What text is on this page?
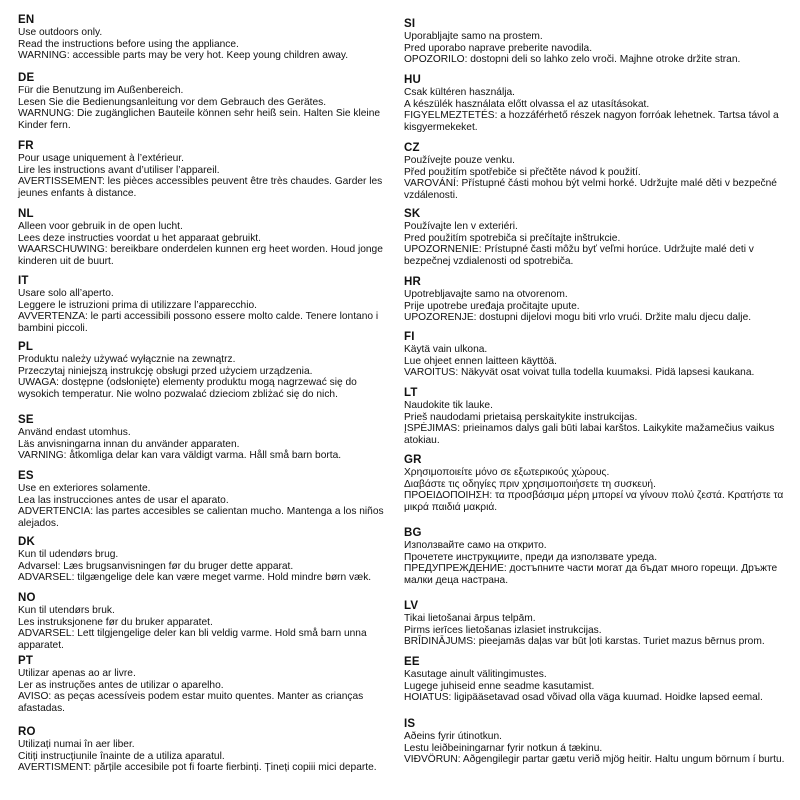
EN
Use outdoors only.
Read the instructions before using the appliance.
WARNING: accessible parts may be very hot. Keep young children away.
DE
Für die Benutzung im Außenbereich.
Lesen Sie die Bedienungsanleitung vor dem Gebrauch des Gerätes.
WARNUNG: Die zugänglichen Bauteile können sehr heiß sein. Halten Sie kleine Kinder fern.
FR
Pour usage uniquement à l’extérieur.
Lire les instructions avant d’utiliser l’appareil.
AVERTISSEMENT: les pièces accessibles peuvent être très chaudes. Garder les jeunes enfants à distance.
NL
Alleen voor gebruik in de open lucht.
Lees deze instructies voordat u het apparaat gebruikt.
WAARSCHUWING: bereikbare onderdelen kunnen erg heet worden. Houd jonge kinderen uit de buurt.
IT
Usare solo all’aperto.
Leggere le istruzioni prima di utilizzare l’apparecchio.
AVVERTENZA: le parti accessibili possono essere molto calde. Tenere lontano i bambini piccoli.
PL
Produktu należy używać wyłącznie na zewnątrz.
Przeczytaj niniejszą instrukcję obsługi przed użyciem urządzenia.
UWAGA: dostępne (odsłonięte) elementy produktu mogą nagrzewać się do wysokich temperatur. Nie wolno pozwalać dzieciom zbliżać się do nich.
SE
Använd endast utomhus.
Läs anvisningarna innan du använder apparaten.
VARNING: åtkomliga delar kan vara väldigt varma. Håll små barn borta.
ES
Use en exteriores solamente.
Lea las instrucciones antes de usar el aparato.
ADVERTENCIA: las partes accesibles se calientan mucho. Mantenga a los niños alejados.
DK
Kun til udendørs brug.
Advarsel: Læs brugsanvisningen før du bruger dette apparat.
ADVARSEL: tilgængelige dele kan være meget varme. Hold mindre børn væk.
NO
Kun til utendørs bruk.
Les instruksjonene før du bruker apparatet.
ADVARSEL: Lett tilgjengelige deler kan bli veldig varme. Hold små barn unna apparatet.
PT
Utilizar apenas ao ar livre.
Ler as instruções antes de utilizar o aparelho.
AVISO: as peças acessíveis podem estar muito quentes. Manter as crianças afastadas.
RO
Utilizați numai în aer liber.
Citiți instrucțiunile înainte de a utiliza aparatul.
AVERTISMENT: părțile accesibile pot fi foarte fierbinți. Țineți copiii mici departe.
SI
Uporabljajte samo na prostem.
Pred uporabo naprave preberite navodila.
OPOZORILO: dostopni deli so lahko zelo vroči. Majhne otroke držite stran.
HU
Csak kültéren használja.
A készülék használata előtt olvassa el az utasításokat.
FIGYELMEZTETÉS: a hozzáférhető részek nagyon forróak lehetnek. Tartsa távol a kisgyermekeket.
CZ
Používejte pouze venku.
Před použitím spotřebiče si přečtěte návod k použití.
VAROVÁNÍ: Přístupné části mohou být velmi horké. Udržujte malé děti v bezpečné vzdálenosti.
SK
Používajte len v exteriéri.
Pred použitím spotrebiča si prečítajte inštrukcie.
UPOZORNENIE: Prístupné časti môžu byť veľmi horúce. Udržujte malé deti v bezpečnej vzdialenosti od spotrebiča.
HR
Upotrebljavajte samo na otvorenom.
Prije upotrebe uređaja pročitajte upute.
UPOZORENJE: dostupni dijelovi mogu biti vrlo vrući. Držite malu djecu dalje.
FI
Käytä vain ulkona.
Lue ohjeet ennen laitteen käyttöä.
VAROITUS: Näkyvät osat voivat tulla todella kuumaksi. Pidä lapsesi kaukana.
LT
Naudokite tik lauke.
Prieš naudodami prietaisą perskaitykite instrukcijas.
ĮSPĖJIMAS: prieinamos dalys gali būti labai karštos. Laikykite mažamečius vaikus atokiau.
GR
Χρησιμοποιείτε μόνο σε εξωτερικούς χώρους.
Διαβάστε τις οδηγίες πριν χρησιμοποιήσετε τη συσκευή.
ΠΡΟΕΙΔΟΠΟΙΗΣΗ: τα προσβάσιμα μέρη μπορεί να γίνουν πολύ ζεστά. Κρατήστε τα μικρά παιδιά μακριά.
BG
Използвайте само на открито.
Прочетете инструкциите, преди да използвате уреда.
ПРЕДУПРЕЖДЕНИЕ: достъпните части могат да бъдат много горещи. Дръжте малки деца настрана.
LV
Tikai lietošanai ārpus telpām.
Pirms ierīces lietošanas izlasiet instrukcijas.
BRĪDINĀJUMS: pieejamās daļas var būt ļoti karstas. Turiet mazus bērnus prom.
EE
Kasutage ainult välitingimustes.
Lugege juhiseid enne seadme kasutamist.
HOIATUS: ligipääsetavad osad võivad olla väga kuumad. Hoidke lapsed eemal.
IS
Aðeins fyrir útinotkun.
Lestu leiðbeiningarnar fyrir notkun á tækinu.
VIÐVÖRUN: Aðgengilegir partar gætu verið mjög heitir. Haltu ungum börnum í burtu.
